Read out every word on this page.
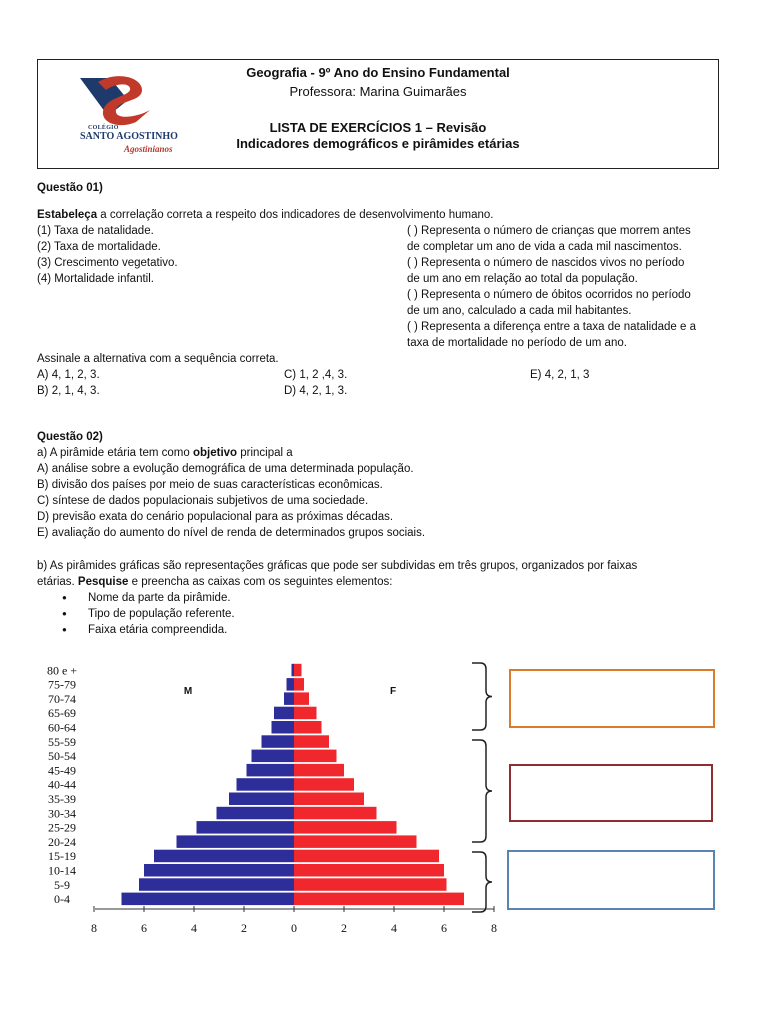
COLÉGIO
SANTO AGOSTINHO
Agostinianos
Geografia - 9º Ano do Ensino Fundamental
Professora: Marina Guimarães
LISTA DE EXERCÍCIOS 1 – Revisão
Indicadores demográficos e pirâmides etárias
Questão 01)
Estabeleça a correlação correta a respeito dos indicadores de desenvolvimento humano.
(1) Taxa de natalidade.
(2) Taxa de mortalidade.
(3) Crescimento vegetativo.
(4) Mortalidade infantil.
( ) Representa o número de crianças que morrem antes
de completar um ano de vida a cada mil nascimentos.
( ) Representa o número de nascidos vivos no período
de um ano em relação ao total da população.
( ) Representa o número de óbitos ocorridos no período
de um ano, calculado a cada mil habitantes.
( ) Representa a diferença entre a taxa de natalidade e a
taxa de mortalidade no período de um ano.
Assinale a alternativa com a sequência correta.
A) 4, 1, 2, 3.
B) 2, 1, 4, 3.
C) 1, 2 ,4, 3.
D) 4, 2, 1, 3.
E) 4, 2, 1, 3
Questão 02)
a) A pirâmide etária tem como objetivo principal a
A) análise sobre a evolução demográfica de uma determinada população.
B) divisão dos países por meio de suas características econômicas.
C) síntese de dados populacionais subjetivos de uma sociedade.
D) previsão exata do cenário populacional para as próximas décadas.
E) avaliação do aumento do nível de renda de determinados grupos sociais.
b) As pirâmides gráficas são representações gráficas que pode ser subdividas em três grupos, organizados por faixas
etárias. Pesquise e preencha as caixas com os seguintes elementos:
● Nome da parte da pirâmide.
● Tipo de população referente.
● Faixa etária compreendida.
0-4
5-9
10-14
15-19
20-24
25-29
30-34
35-39
40-44
45-49
50-54
55-59
60-64
65-69
70-74
75-79
80 e +
8	6	4	2	0	2	4	6	8
M	F
